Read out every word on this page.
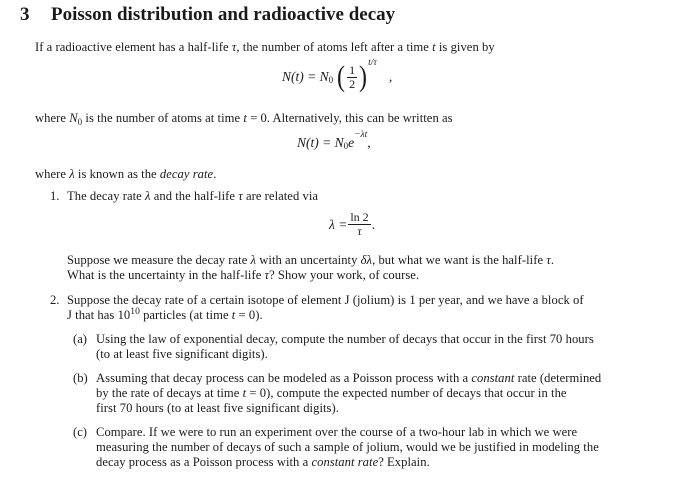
3 Poisson distribution and radioactive decay
If a radioactive element has a half-life τ, the number of atoms left after a time t is given by
N(t) = N 0 ( $\frac{1}{2}$ ) t/τ
,
where $N_0$ is the number of atoms at time t = 0. Alternatively, this can be written as
N(t) = N 0 e −λt ,
where λ is known as the decay rate.
1. The decay rate λ and the half-life τ are related via
$\lambda = \frac{\ln 2}{\tau}$ .
Suppose we measure the decay rate λ with an uncertainty δλ, but what we want is the half-life τ.
What is the uncertainty in the half-life τ? Show your work, of course.
2. Suppose the decay rate of a certain isotope of element J (jolium) is 1 per year, and we have a block of
J that has $10^{10}$ particles (at time t = 0).
(a) Using the law of exponential decay, compute the number of decays that occur in the first 70 hours
(to at least five significant digits).
(b) Assuming that decay process can be modeled as a Poisson process with a constant rate (determined
by the rate of decays at time t = 0), compute the expected number of decays that occur in the
first 70 hours (to at least five significant digits).
(c) Compare. If we were to run an experiment over the course of a two-hour lab in which we were
measuring the number of decays of such a sample of jolium, would we be justified in modeling the
decay process as a Poisson process with a constant rate? Explain.
